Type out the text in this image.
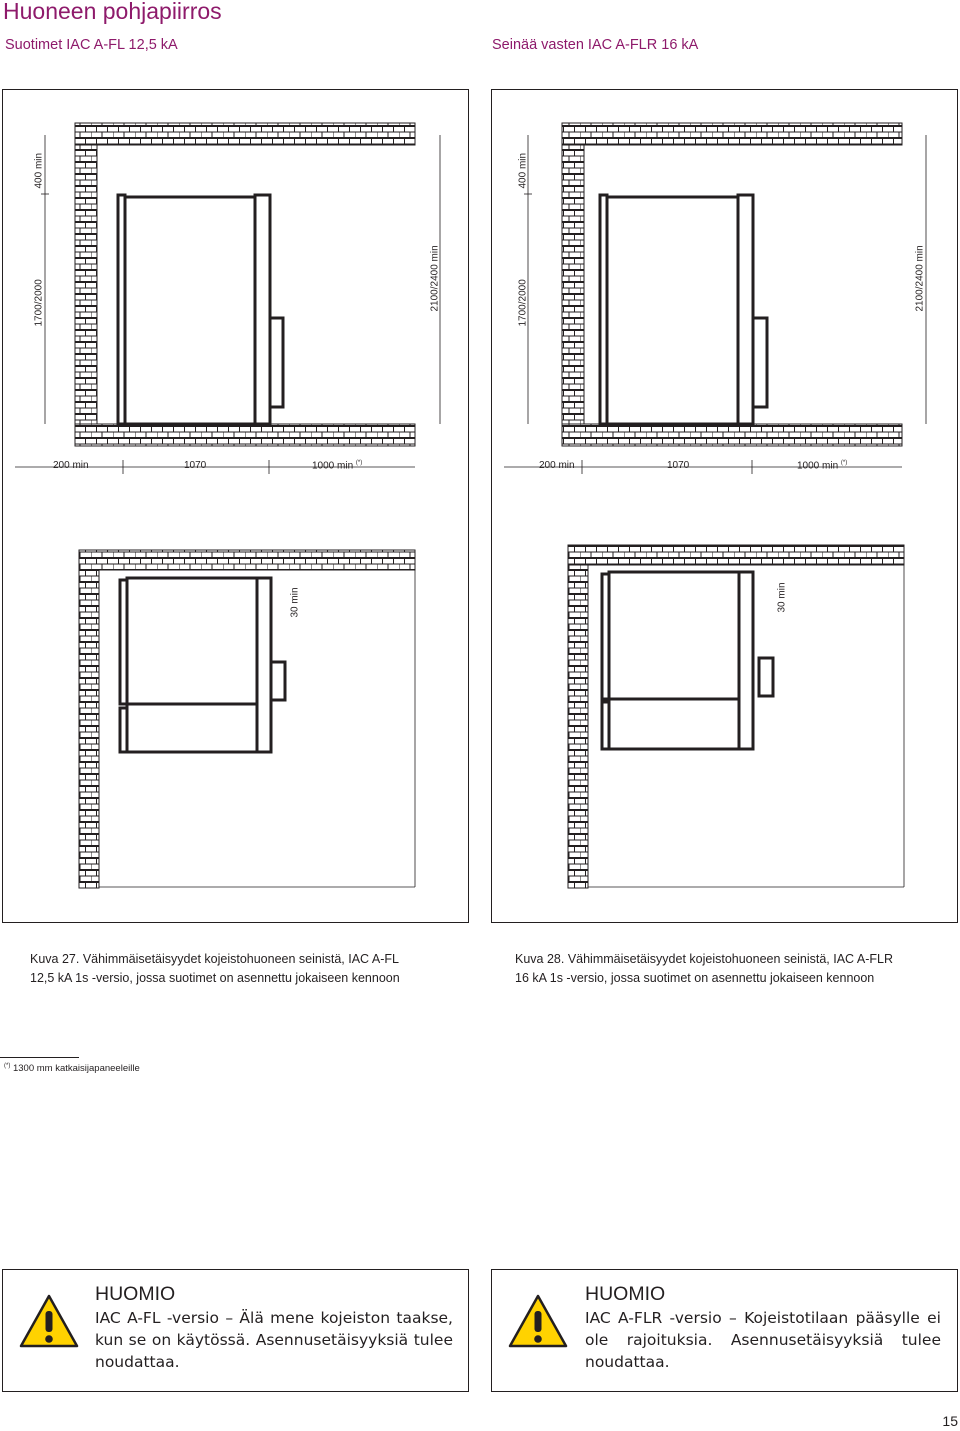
Huoneen pohjapiirros
Suotimet IAC A-FL 12,5 kA	Seinää vasten IAC A-FLR 16 kA
400 min
1700/2000	2100/2400 min
200 min	1070	1000 min (*)
30 min
400 min
1700/2000	2100/2400 min
200 min	1070	1000 min (*)
30 min
Kuva 27. Vähimmäisetäisyydet kojeistohuoneen seinistä, IAC A-FL
12,5 kA 1s -versio, jossa suotimet on asennettu jokaiseen kennoon
Kuva 28. Vähimmäisetäisyydet kojeistohuoneen seinistä, IAC A-FLR
16 kA 1s -versio, jossa suotimet on asennettu jokaiseen kennoon
(*) 1300 mm katkaisijapaneeleille
HUOMIO
IAC A-FL -versio – Älä mene kojeiston taakse, kun se on käytössä. Asennusetäisyyksiä tulee noudattaa.
HUOMIO
IAC A-FLR -versio – Kojeistotilaan pääsylle ei ole rajoituksia. Asennusetäisyyksiä tulee noudattaa.
15
